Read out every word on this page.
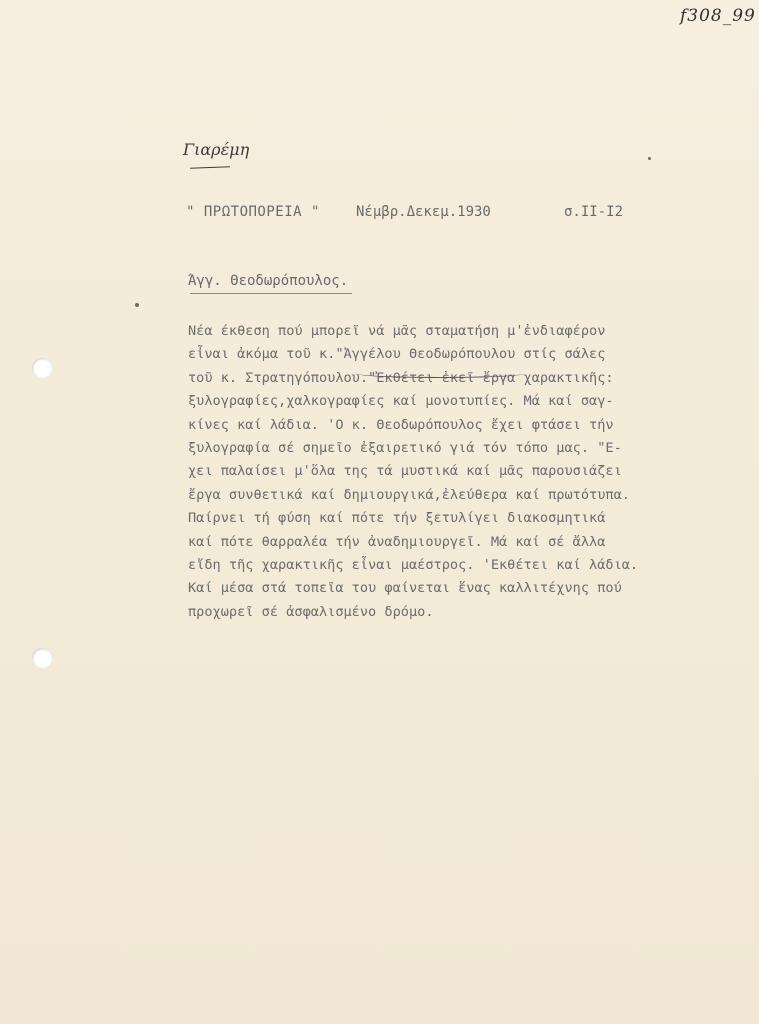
f308_99
Γιαρέμη
" ΠΡΩΤΟΠΟΡΕΙΑ "	Νέμβρ.Δεκεμ.1930	σ.ΙΙ-Ι2
Άγγ. Θεοδωρόπουλος.
Νέα έκθεση πού μπορεῖ νά μᾶς σταματήση μ'ἐνδιαφέρον
εἶναι ἀκόμα τοῦ κ."Ἀγγέλου Θεοδωρόπουλου στίς σάλες
τοῦ κ. Στρατηγόπουλου."Ἐκθέτει ἐκεῖ ἔργα χαρακτικῆς:
ξυλογραφίες,χαλκογραφίες καί μονοτυπίες. Μά καί σαγ-
κίνες καί λάδια. 'Ο κ. Θεοδωρόπουλος ἔχει φτάσει τήν
ξυλογραφία σέ σημεῖο ἐξαιρετικό γιά τόν τόπο μας. "Ε-
χει παλαίσει μ'ὅλα της τά μυστικά καί μᾶς παρουσιάζει
ἔργα συνθετικά καί δημιουργικά,ἐλεύθερα καί πρωτότυπα.
Παίρνει τή φύση καί πότε τήν ξετυλίγει διακοσμητικά
καί πότε θαρραλέα τήν ἀναδημιουργεῖ. Μά καί σέ ἄλλα
εἴδη τῆς χαρακτικῆς εἶναι μαέστρος. 'Εκθέτει καί λάδια.
Καί μέσα στά τοπεῖα του φαίνεται ἕνας καλλιτέχνης πού
προχωρεῖ σέ ἀσφαλισμένο δρόμο.
